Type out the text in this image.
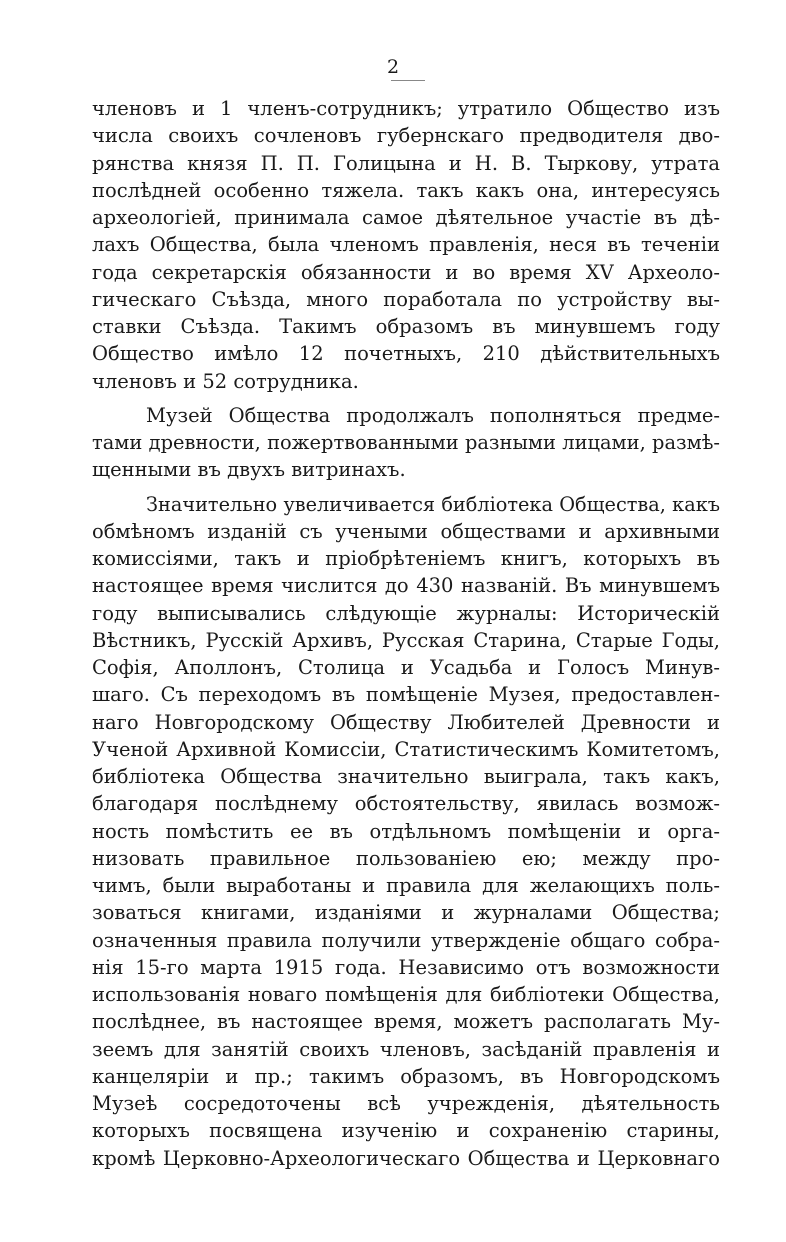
2
членовъ и 1 членъ-сотрудникъ; утратило Общество изъ
числа своихъ сочленовъ губернскаго предводителя дво-
рянства князя П. П. Голицына и Н. В. Тыркову, утрата
послѣдней особенно тяжела. такъ какъ она, интересуясь
археологіей, принимала самое дѣятельное участіе въ дѣ-
лахъ Общества, была членомъ правленія, неся въ теченіи
года секретарскія обязанности и во время XV Археоло-
гическаго Съѣзда, много поработала по устройству вы-
ставки Съѣзда. Такимъ образомъ въ минувшемъ году
Общество имѣло 12 почетныхъ, 210 дѣйствительныхъ
членовъ и 52 сотрудника.
Музей Общества продолжалъ пополняться предме-
тами древности, пожертвованными разными лицами, размѣ-
щенными въ двухъ витринахъ.
Значительно увеличивается библіотека Общества, какъ
обмѣномъ изданій съ учеными обществами и архивными
комиссіями, такъ и пріобрѣтеніемъ книгъ, которыхъ въ
настоящее время числится до 430 названій. Въ минувшемъ
году выписывались слѣдующіе журналы: Историческій
Вѣстникъ, Русскій Архивъ, Русская Старина, Старые Годы,
Софія, Аполлонъ, Столица и Усадьба и Голосъ Минув-
шаго. Съ переходомъ въ помѣщеніе Музея, предоставлен-
наго Новгородскому Обществу Любителей Древности и
Ученой Архивной Комиссіи, Статистическимъ Комитетомъ,
библіотека Общества значительно выиграла, такъ какъ,
благодаря послѣднему обстоятельству, явилась возмож-
ность помѣстить ее въ отдѣльномъ помѣщеніи и орга-
низовать правильное пользованіею ею; между про-
чимъ, были выработаны и правила для желающихъ поль-
зоваться книгами, изданіями и журналами Общества;
означенныя правила получили утвержденіе общаго собра-
нія 15-го марта 1915 года. Независимо отъ возможности
использованія новаго помѣщенія для библіотеки Общества,
послѣднее, въ настоящее время, можетъ располагать Му-
зеемъ для занятій своихъ членовъ, засѣданій правленія и
канцеляріи и пр.; такимъ образомъ, въ Новгородскомъ
Музеѣ сосредоточены всѣ учрежденія, дѣятельность
которыхъ посвящена изученію и сохраненію старины,
кромѣ Церковно-Археологическаго Общества и Церковнаго
